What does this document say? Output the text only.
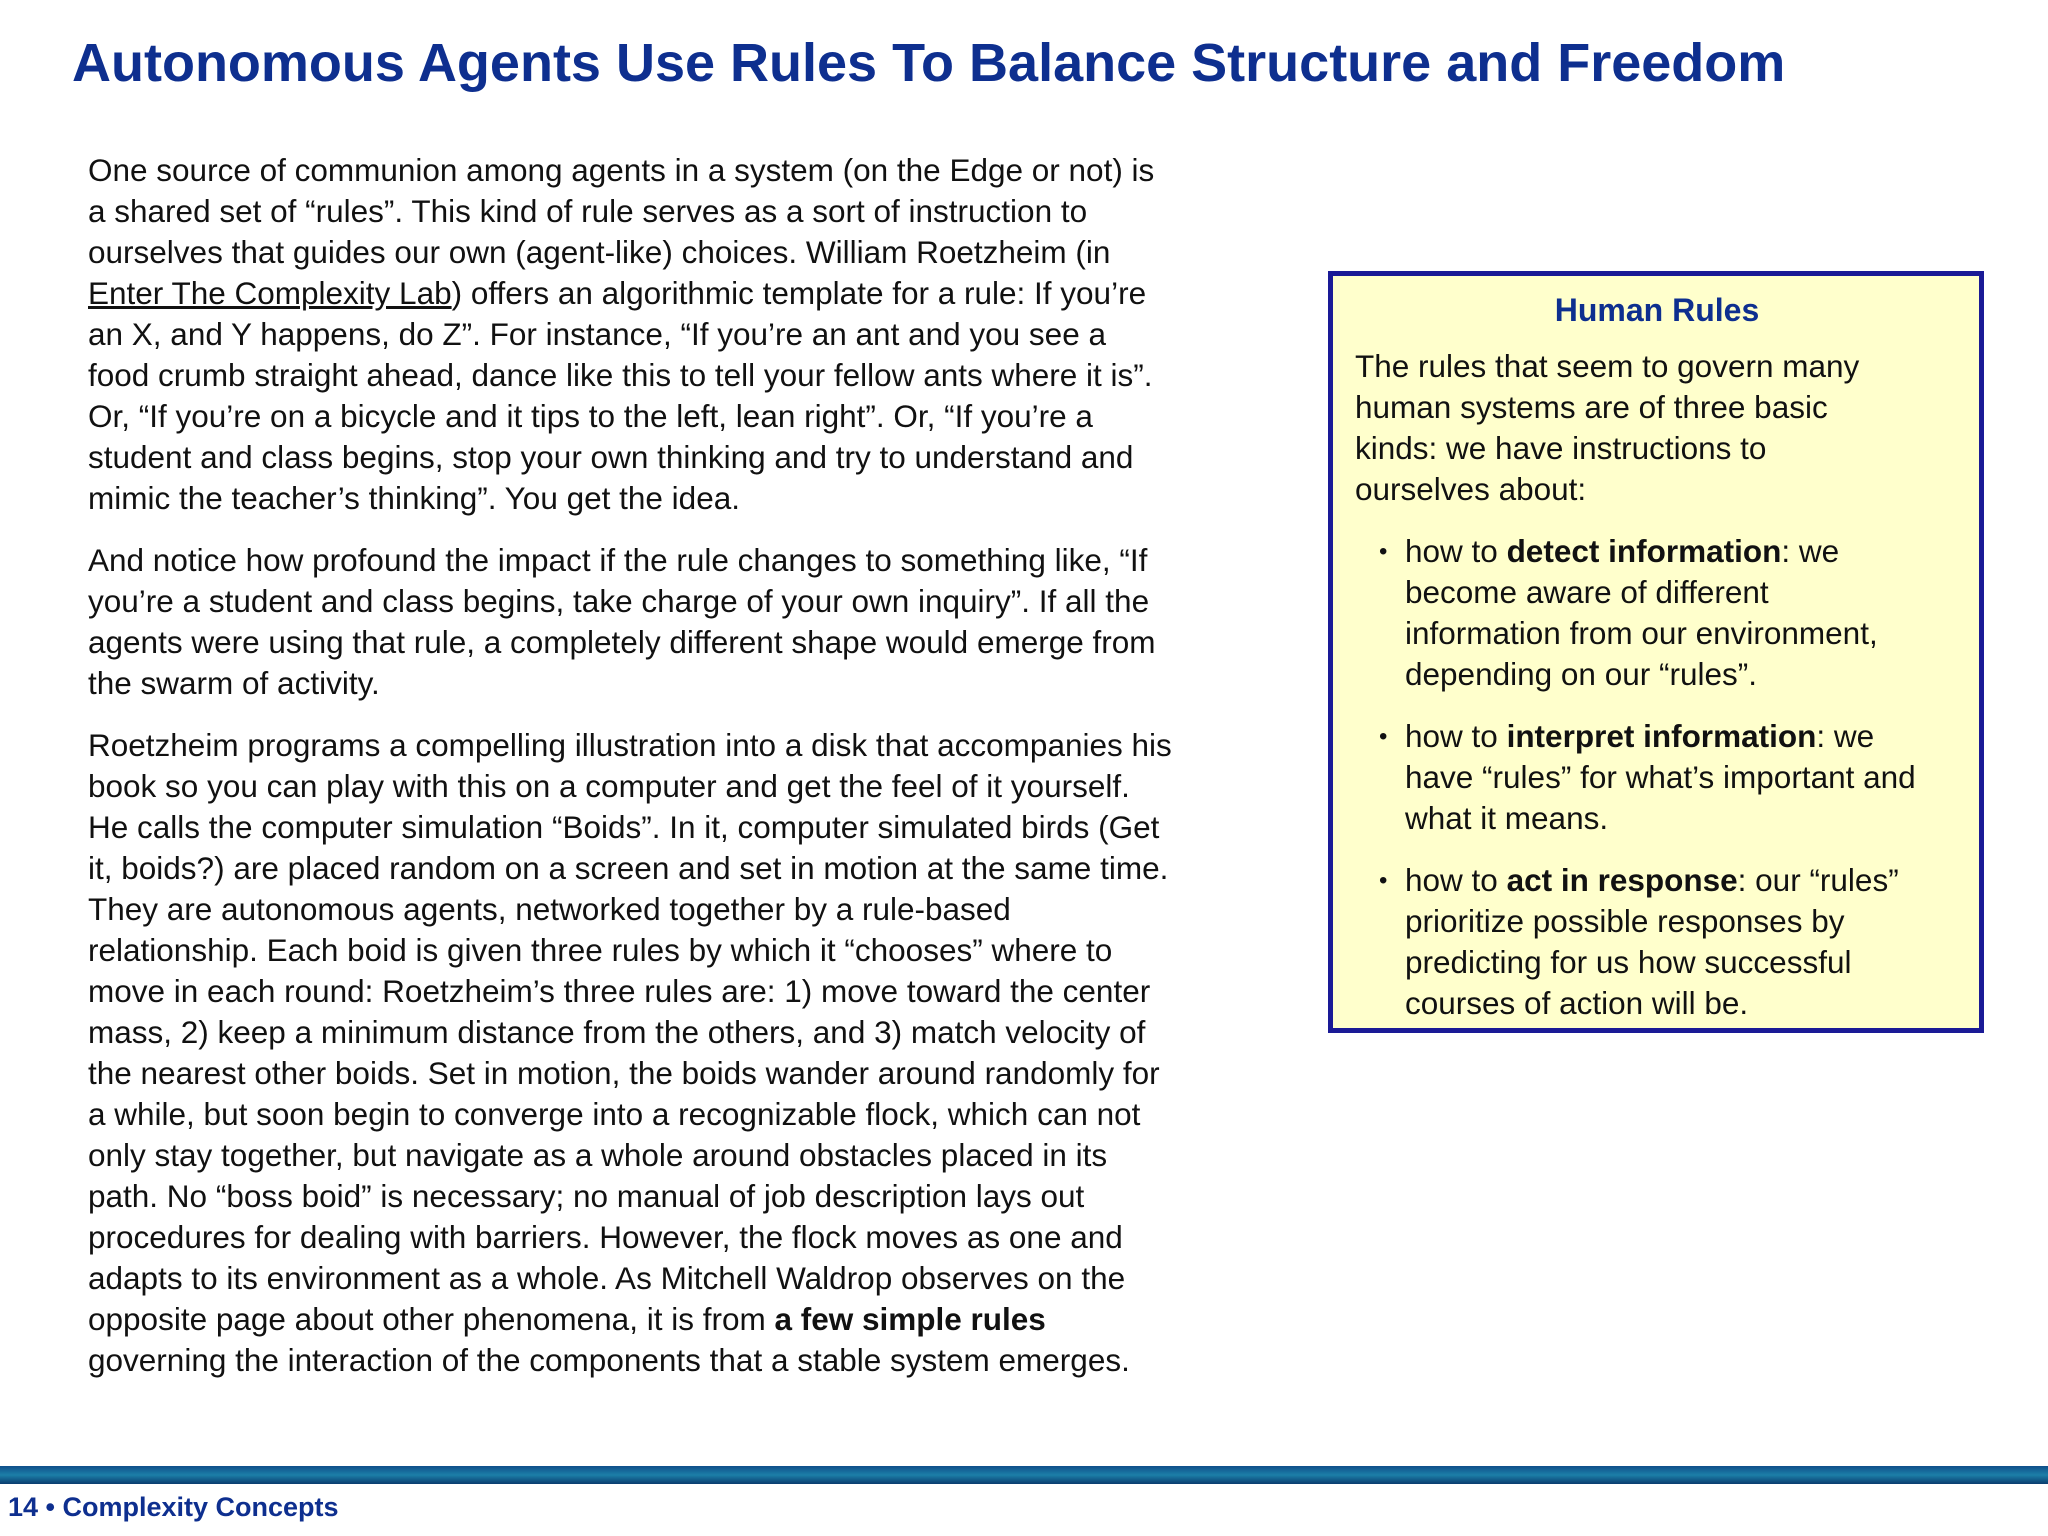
Autonomous Agents Use Rules To Balance Structure and Freedom

One source of communion among agents in a system (on the Edge or not) is
a shared set of “rules”. This kind of rule serves as a sort of instruction to
ourselves that guides our own (agent-like) choices. William Roetzheim (in
Enter The Complexity Lab) offers an algorithmic template for a rule: If you’re
an X, and Y happens, do Z”. For instance, “If you’re an ant and you see a
food crumb straight ahead, dance like this to tell your fellow ants where it is”.
Or, “If you’re on a bicycle and it tips to the left, lean right”. Or, “If you’re a
student and class begins, stop your own thinking and try to understand and
mimic the teacher’s thinking”. You get the idea.

And notice how profound the impact if the rule changes to something like, “If
you’re a student and class begins, take charge of your own inquiry”. If all the
agents were using that rule, a completely different shape would emerge from
the swarm of activity.

Roetzheim programs a compelling illustration into a disk that accompanies his
book so you can play with this on a computer and get the feel of it yourself.
He calls the computer simulation “Boids”. In it, computer simulated birds (Get
it, boids?) are placed random on a screen and set in motion at the same time.
They are autonomous agents, networked together by a rule-based
relationship. Each boid is given three rules by which it “chooses” where to
move in each round: Roetzheim’s three rules are: 1) move toward the center
mass, 2) keep a minimum distance from the others, and 3) match velocity of
the nearest other boids. Set in motion, the boids wander around randomly for
a while, but soon begin to converge into a recognizable flock, which can not
only stay together, but navigate as a whole around obstacles placed in its
path. No “boss boid” is necessary; no manual of job description lays out
procedures for dealing with barriers. However, the flock moves as one and
adapts to its environment as a whole. As Mitchell Waldrop observes on the
opposite page about other phenomena, it is from a few simple rules
governing the interaction of the components that a stable system emerges.

Human Rules
The rules that seem to govern many
human systems are of three basic
kinds: we have instructions to
ourselves about:
• how to detect information: we
become aware of different
information from our environment,
depending on our “rules”.
• how to interpret information: we
have “rules” for what’s important and
what it means.
• how to act in response: our “rules”
prioritize possible responses by
predicting for us how successful
courses of action will be.
14 • Complexity Concepts
